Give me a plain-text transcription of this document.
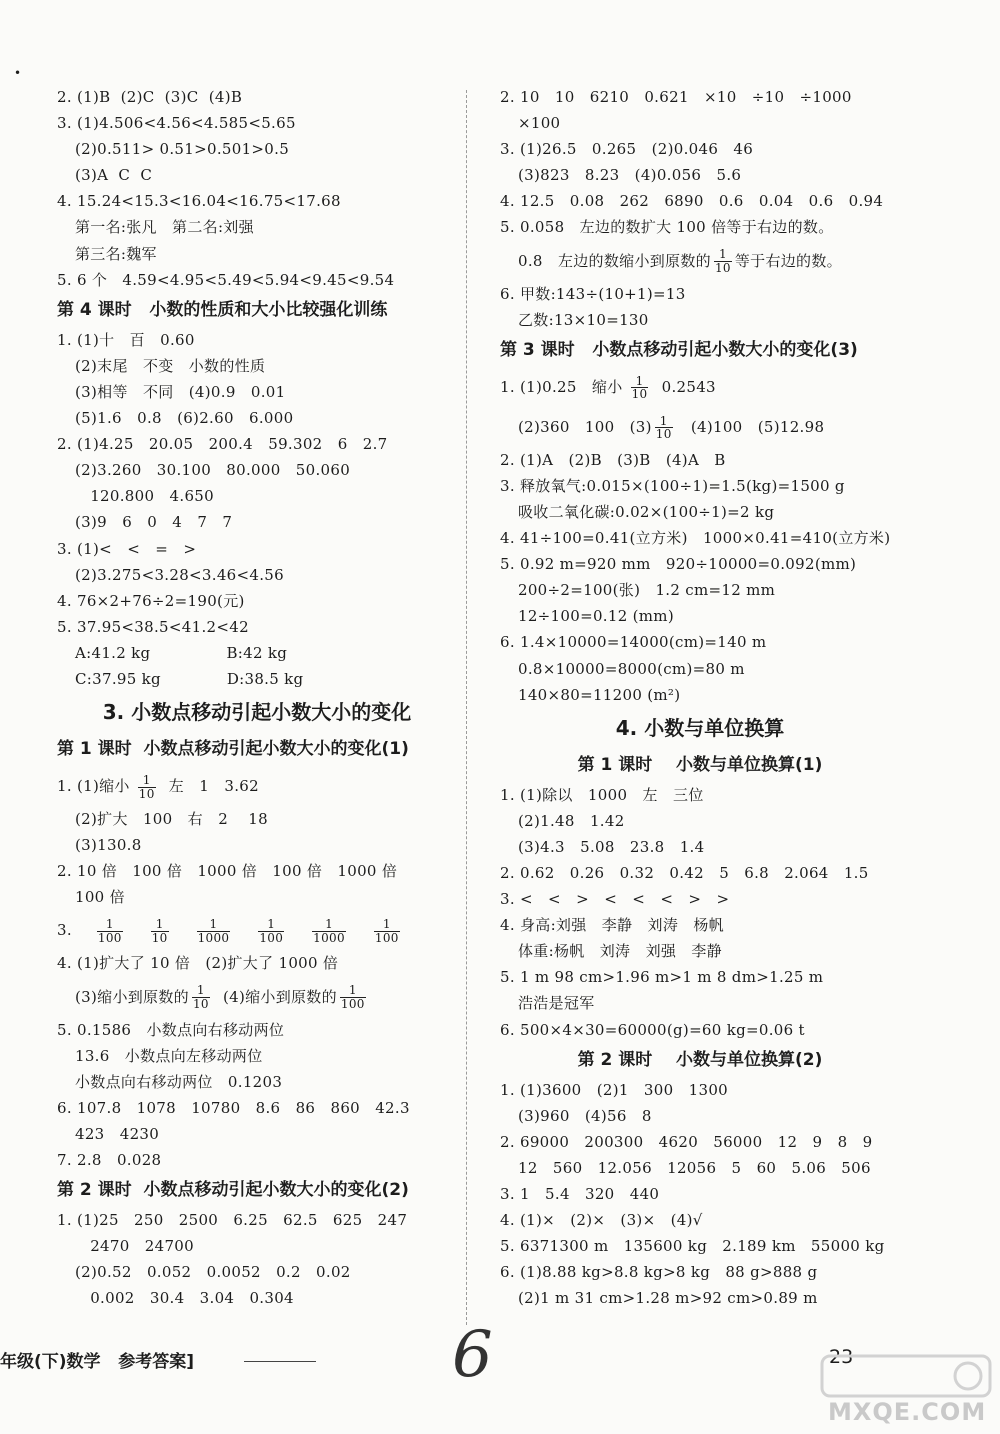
•
2. (1)B  (2)C  (3)C  (4)B
3. (1)4.506<4.56<4.585<5.65
(2)0.511> 0.51>0.501>0.5
(3)A  C  C
4. 15.24<15.3<16.04<16.75<17.68
第一名:张凡   第二名:刘强
第三名:魏军
5. 6 个   4.59<4.95<5.49<5.94<9.45<9.54
第 4 课时   小数的性质和大小比较强化训练
1. (1)十   百   0.60
(2)末尾   不变   小数的性质
(3)相等   不同   (4)0.9   0.01
(5)1.6   0.8   (6)2.60   6.000
2. (1)4.25   20.05   200.4   59.302   6   2.7
(2)3.260   30.100   80.000   50.060
120.800   4.650
(3)9   6   0   4   7   7
3. (1)<   <   =   >
(2)3.275<3.28<3.46<4.56
4. 76×2+76÷2=190(元)
5. 37.95<38.5<41.2<42
A:41.2 kg               B:42 kg
C:37.95 kg             D:38.5 kg
3. 小数点移动引起小数大小的变化
第 1 课时  小数点移动引起小数大小的变化(1)
1. (1)缩小 $\frac{1}{10}$ 左   1   3.62
(2)扩大   100   右   2    18
(3)130.8
2. 10 倍   100 倍   1000 倍   100 倍   1000 倍
100 倍
3. $\frac{1}{100} \frac{1}{10} \frac{1}{1000} \frac{1}{100} \frac{1}{1000} \frac{1}{100}$
4. (1)扩大了 10 倍   (2)扩大了 1000 倍
(3)缩小到原数的 $\frac{1}{10} (4)$缩小到原数的 $\frac{1}{100}$
5. 0.1586   小数点向右移动两位
13.6   小数点向左移动两位
小数点向右移动两位   0.1203
6. 107.8   1078   10780   8.6   86   860   42.3
423   4230
7. 2.8   0.028
第 2 课时  小数点移动引起小数大小的变化(2)
1. (1)25   250   2500   6.25   62.5   625   247
2470   24700
(2)0.52   0.052   0.0052   0.2   0.02
0.002   30.4   3.04   0.304
2. 10   10   6210   0.621   ×10   ÷10   ÷1000
×100
3. (1)26.5   0.265   (2)0.046   46
(3)823   8.23   (4)0.056   5.6
4. 12.5   0.08   262   6890   0.6   0.04   0.6   0.94
5. 0.058   左边的数扩大 100 倍等于右边的数。
0.8   左边的数缩小到原数的 $\frac{1}{10}$ 等于右边的数。
6. 甲数:143÷(10+1)=13
乙数:13×10=130
第 3 课时   小数点移动引起小数大小的变化(3)
1. (1)0.25   缩小 $\frac{1}{10} 0.2543$
(2)360   100   $(3) \frac{1}{10} (4)100$   (5)12.98
2. (1)A   (2)B   (3)B   (4)A   B
3. 释放氧气:0.015×(100÷1)=1.5(kg)=1500 g
吸收二氧化碳:0.02×(100÷1)=2 kg
4. 41÷100=0.41(立方米)   1000×0.41=410(立方米)
5. 0.92 m=920 mm   920÷10000=0.092(mm)
200÷2=100(张)   1.2 cm=12 mm
12÷100=0.12 (mm)
6. 1.4×10000=14000(cm)=140 m
0.8×10000=8000(cm)=80 m
140×80=11200 (m²)
4. 小数与单位换算
第 1 课时    小数与单位换算(1)
1. (1)除以   1000   左   三位
(2)1.48   1.42
(3)4.3   5.08   23.8   1.4
2. 0.62   0.26   0.32   0.42   5   6.8   2.064   1.5
3. <   <   >   <   <   <   >   >
4. 身高:刘强   李静   刘涛   杨帆
体重:杨帆   刘涛   刘强   李静
5. 1 m 98 cm>1.96 m>1 m 8 dm>1.25 m
浩浩是冠军
6. 500×4×30=60000(g)=60 kg=0.06 t
第 2 课时    小数与单位换算(2)
1. (1)3600   (2)1   300   1300
(3)960   (4)56   8
2. 69000   200300   4620   56000   12   9   8   9
12   560   12.056   12056   5   60   5.06   506
3. 1   5.4   320   440
4. (1)×   (2)×   (3)×   (4)√
5. 6371300 m   135600 kg   2.189 km   55000 kg
6. (1)8.88 kg>8.8 kg>8 kg   88 g>888 g
(2)1 m 31 cm>1.28 m>92 cm>0.89 m
年级(下)数学   参考答案]	6	23
MXQE.COM
